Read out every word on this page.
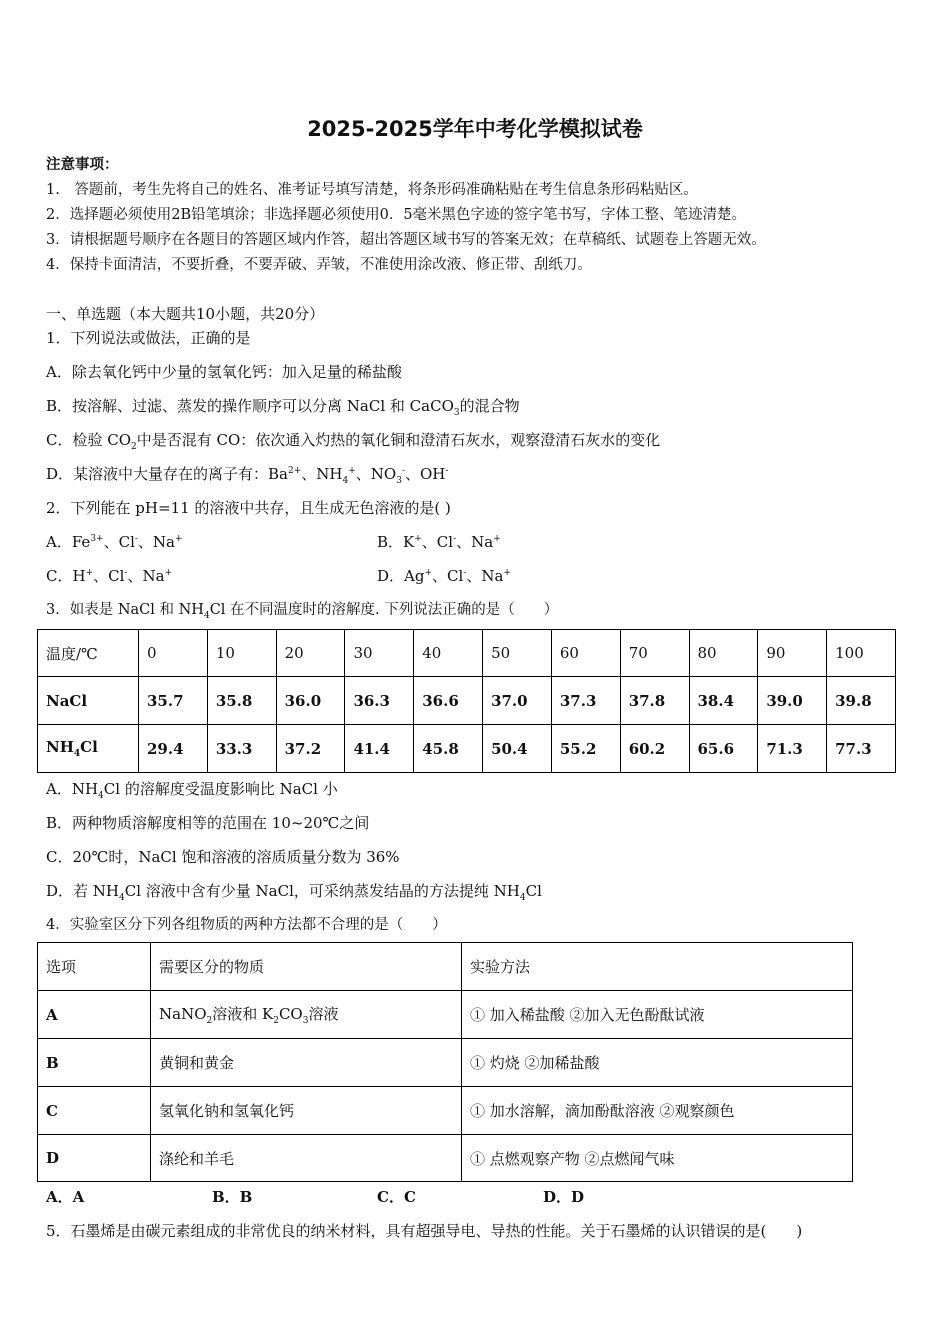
2025-2025学年中考化学模拟试卷
注意事项：
1.　答题前，考生先将自己的姓名、准考证号填写清楚，将条形码准确粘贴在考生信息条形码粘贴区。
2．选择题必须使用2B铅笔填涂；非选择题必须使用0．5毫米黑色字迹的签字笔书写，字体工整、笔迹清楚。
3．请根据题号顺序在各题目的答题区域内作答，超出答题区域书写的答案无效；在草稿纸、试题卷上答题无效。
4．保持卡面清洁，不要折叠，不要弄破、弄皱，不准使用涂改液、修正带、刮纸刀。
一、单选题（本大题共10小题，共20分）
1．下列说法或做法，正确的是
A．除去氧化钙中少量的氢氧化钙：加入足量的稀盐酸
B．按溶解、过滤、蒸发的操作顺序可以分离 NaCl 和 CaCO$_3$的混合物
C．检验 $CO_2$中是否混有 CO：依次通入灼热的氧化铜和澄清石灰水，观察澄清石灰水的变化
D．某溶液中大量存在的离子有：$Ba^{2+}$、$NH_4^+$、$NO_3^-$、OH-
2．下列能在 pH=11 的溶液中共存，且生成无色溶液的是( )
A．$Fe^{3+}$、Cl-、Na+	B．K+、Cl-、Na+
C．H+、Cl-、Na+	D．Ag+、Cl-、Na+
3．如表是 NaCl 和 $NH_4Cl$ 在不同温度时的溶解度. 下列说法正确的是（　　）
温度/℃	0	10	20	30	40	50	60	70	80	90	100
NaCl	35.7	35.8	36.0	36.3	36.6	37.0	37.3	37.8	38.4	39.0	39.8
$NH_4Cl$	29.4	33.3	37.2	41.4	45.8	50.4	55.2	60.2	65.6	71.3	77.3
A．$NH_4Cl$ 的溶解度受温度影响比 NaCl 小
B．两种物质溶解度相等的范围在 10~20℃之间
C．20℃时，NaCl 饱和溶液的溶质质量分数为 36%
D．若 $NH_4Cl$ 溶液中含有少量 NaCl，可采纳蒸发结晶的方法提纯 $NH_4Cl$
4．实验室区分下列各组物质的两种方法都不合理的是（　　）
选项	需要区分的物质	实验方法
A	NaNO$_2$溶液和 $K_2CO_3$溶液	① 加入稀盐酸 ②加入无色酚酞试液
B	黄铜和黄金	① 灼烧 ②加稀盐酸
C	氢氧化钠和氢氧化钙	① 加水溶解，滴加酚酞溶液 ②观察颜色
D	涤纶和羊毛	① 点燃观察产物 ②点燃闻气味
A．A	B．B	C．C	D．D
5．石墨烯是由碳元素组成的非常优良的纳米材料，具有超强导电、导热的性能。关于石墨烯的认识错误的是(　　)
